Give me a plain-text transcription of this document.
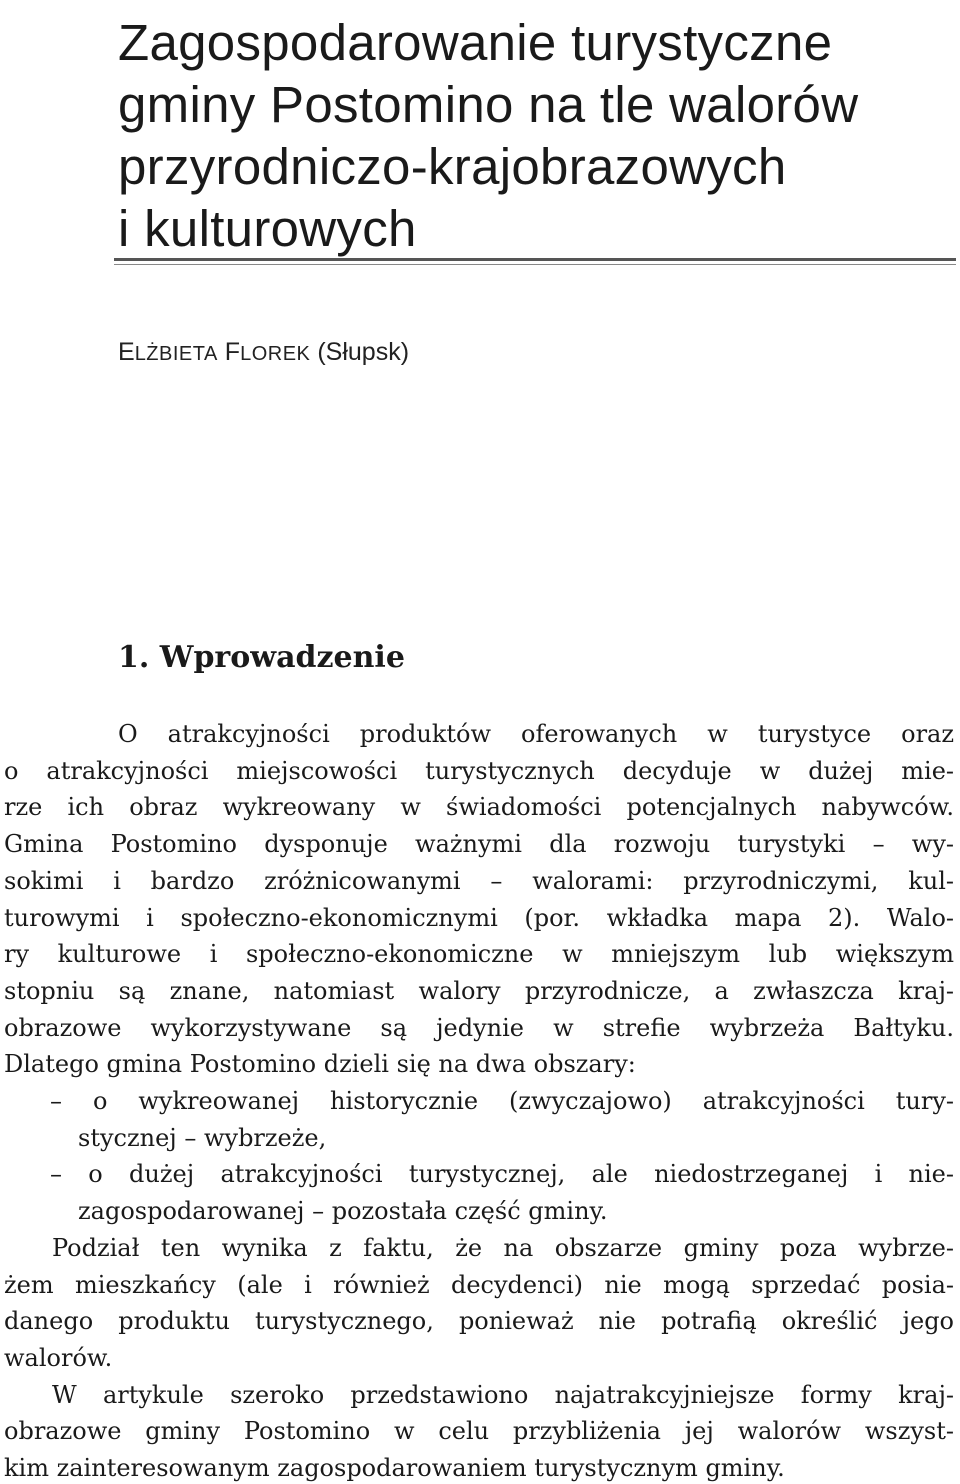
Zagospodarowanie turystyczne
gminy Postomino na tle walorów
przyrodniczo-krajobrazowych
i kulturowych
ELŻBIETA FLOREK (Słupsk)
1. Wprowadzenie
O atrakcyjności produktów oferowanych w turystyce oraz
o atrakcyjności miejscowości turystycznych decyduje w dużej mie-
rze ich obraz wykreowany w świadomości potencjalnych nabywców.
Gmina Postomino dysponuje ważnymi dla rozwoju turystyki – wy-
sokimi i bardzo zróżnicowanymi – walorami: przyrodniczymi, kul-
turowymi i społeczno-ekonomicznymi (por. wkładka mapa 2). Walo-
ry kulturowe i społeczno-ekonomiczne w mniejszym lub większym
stopniu są znane, natomiast walory przyrodnicze, a zwłaszcza kraj-
obrazowe wykorzystywane są jedynie w strefie wybrzeża Bałtyku.
Dlatego gmina Postomino dzieli się na dwa obszary:
– o wykreowanej historycznie (zwyczajowo) atrakcyjności tury-
stycznej – wybrzeże,
– o dużej atrakcyjności turystycznej, ale niedostrzeganej i nie-
zagospodarowanej – pozostała część gminy.
Podział ten wynika z faktu, że na obszarze gminy poza wybrze-
żem mieszkańcy (ale i również decydenci) nie mogą sprzedać posia-
danego produktu turystycznego, ponieważ nie potrafią określić jego
walorów.
W artykule szeroko przedstawiono najatrakcyjniejsze formy kraj-
obrazowe gminy Postomino w celu przybliżenia jej walorów wszyst-
kim zainteresowanym zagospodarowaniem turystycznym gminy.
